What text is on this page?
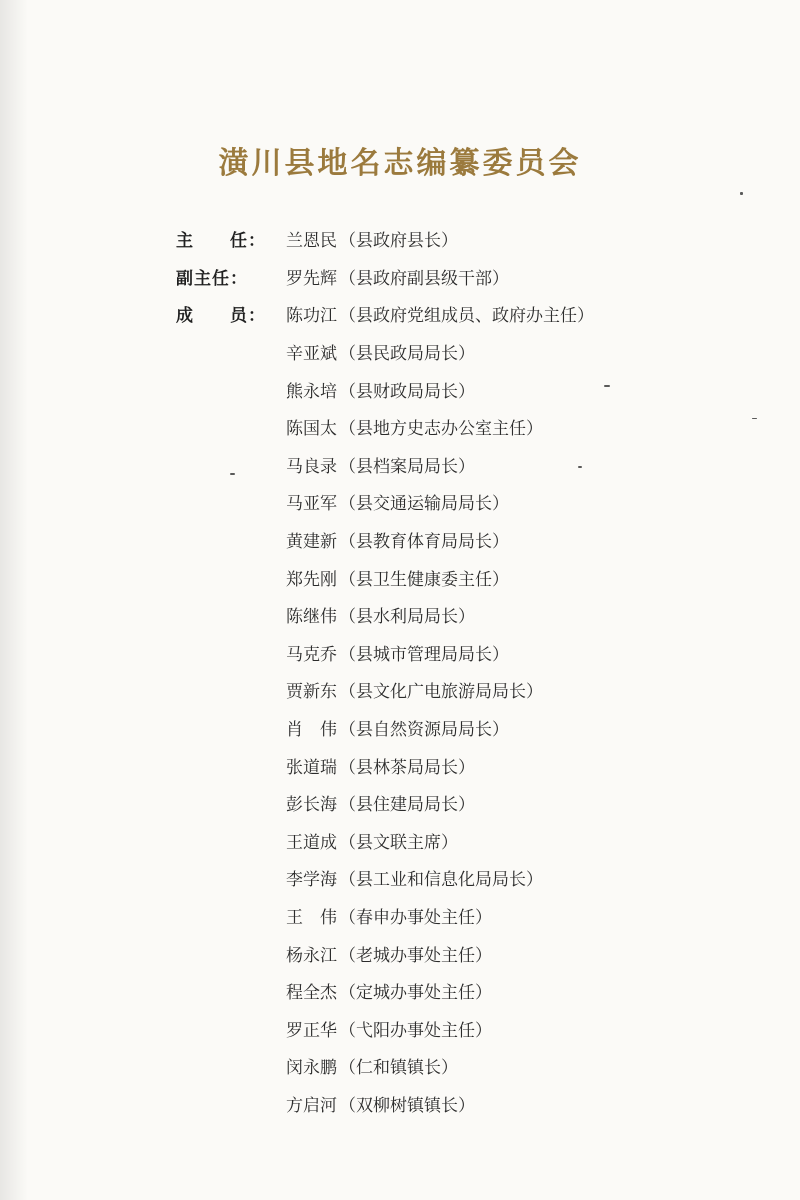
潢川县地名志编纂委员会
主　　任：	兰恩民 （县政府县长）
副主任：	罗先辉 （县政府副县级干部）
成　　员：	陈功江 （县政府党组成员、政府办主任）
辛亚斌 （县民政局局长）
熊永培 （县财政局局长）
陈国太 （县地方史志办公室主任）
马良录 （县档案局局长）
马亚军 （县交通运输局局长）
黄建新 （县教育体育局局长）
郑先刚 （县卫生健康委主任）
陈继伟 （县水利局局长）
马克乔 （县城市管理局局长）
贾新东 （县文化广电旅游局局长）
肖　伟 （县自然资源局局长）
张道瑞 （县林茶局局长）
彭长海 （县住建局局长）
王道成 （县文联主席）
李学海 （县工业和信息化局局长）
王　伟 （春申办事处主任）
杨永江 （老城办事处主任）
程全杰 （定城办事处主任）
罗正华 （弋阳办事处主任）
闵永鹏 （仁和镇镇长）
方启河 （双柳树镇镇长）
